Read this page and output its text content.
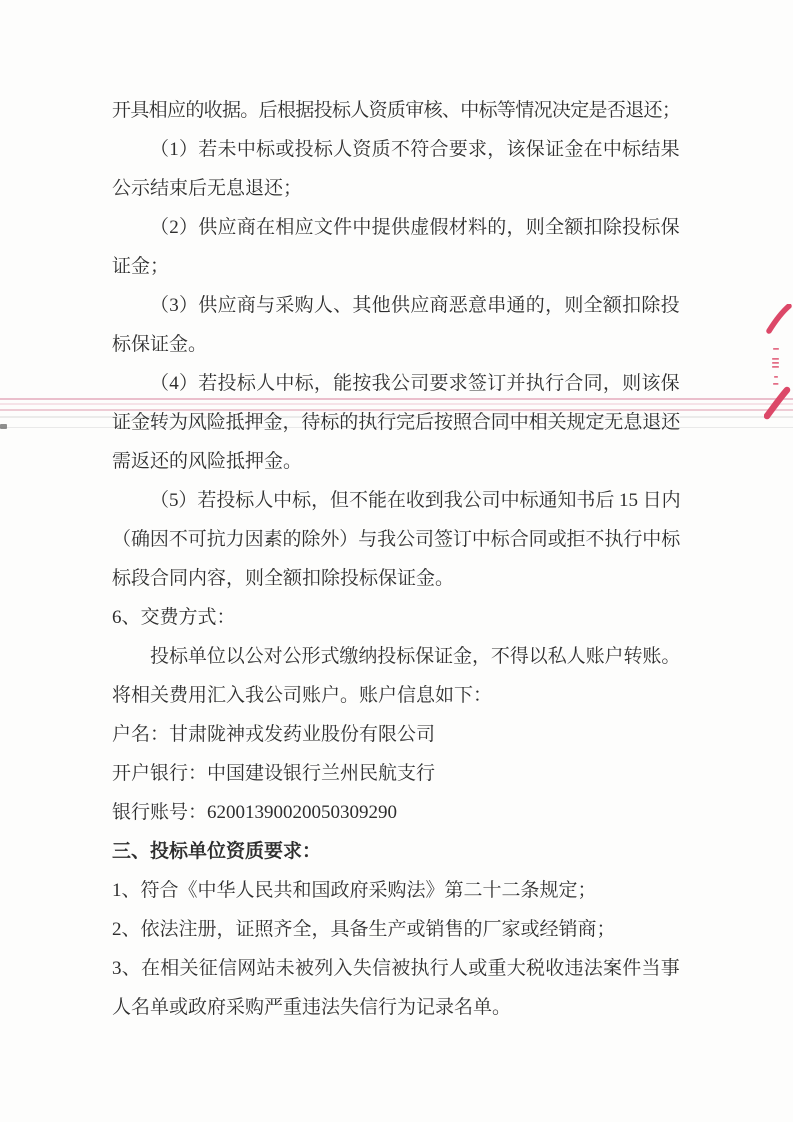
开 具 相 应 的 收 据 。 后 根 据 投 标 人 资 质 审 核 、 中 标 等 情 况 决 定 是 否 退 还 ；
（ 1 ） 若 未 中 标 或 投 标 人 资 质 不 符 合 要 求 ， 该 保 证 金 在 中 标 结 果
公示结束后无息退还；
（ 2 ） 供 应 商 在 相 应 文 件 中 提 供 虚 假 材 料 的 ， 则 全 额 扣 除 投 标 保
证金；
（ 3 ） 供 应 商 与 采 购 人 、 其 他 供 应 商 恶 意 串 通 的 ， 则 全 额 扣 除 投
标保证金。
（ 4 ） 若 投 标 人 中 标 ， 能 按 我 公 司 要 求 签 订 并 执 行 合 同 ， 则 该 保
证 金 转 为 风 险 抵 押 金 ， 待 标 的 执 行 完 后 按 照 合 同 中 相 关 规 定 无 息 退 还
需返还的风险抵押金。
（ 5 ） 若 投 标 人 中 标 ， 但 不 能 在 收 到 我 公 司 中 标 通 知 书 后
1 5
日 内
（ 确 因 不 可 抗 力 因 素 的 除 外 ） 与 我 公 司 签 订 中 标 合 同 或 拒 不 执 行 中 标
标段合同内容，则全额扣除投标保证金。
6、交费方式：
投 标 单 位 以 公 对 公 形 式 缴 纳 投 标 保 证 金 ， 不 得 以 私 人 账 户 转 账 。
将相关费用汇入我公司账户。账户信息如下：
户名：甘肃陇神戎发药业股份有限公司
开户银行：中国建设银行兰州民航支行
银行账号：62001390020050309290
三、投标单位资质要求：
1、符合《中华人民共和国政府采购法》第二十二条规定；
2、依法注册，证照齐全，具备生产或销售的厂家或经销商；
3 、 在 相 关 征 信 网 站 未 被 列 入 失 信 被 执 行 人 或 重 大 税 收 违 法 案 件 当 事
人名单或政府采购严重违法失信行为记录名单。
